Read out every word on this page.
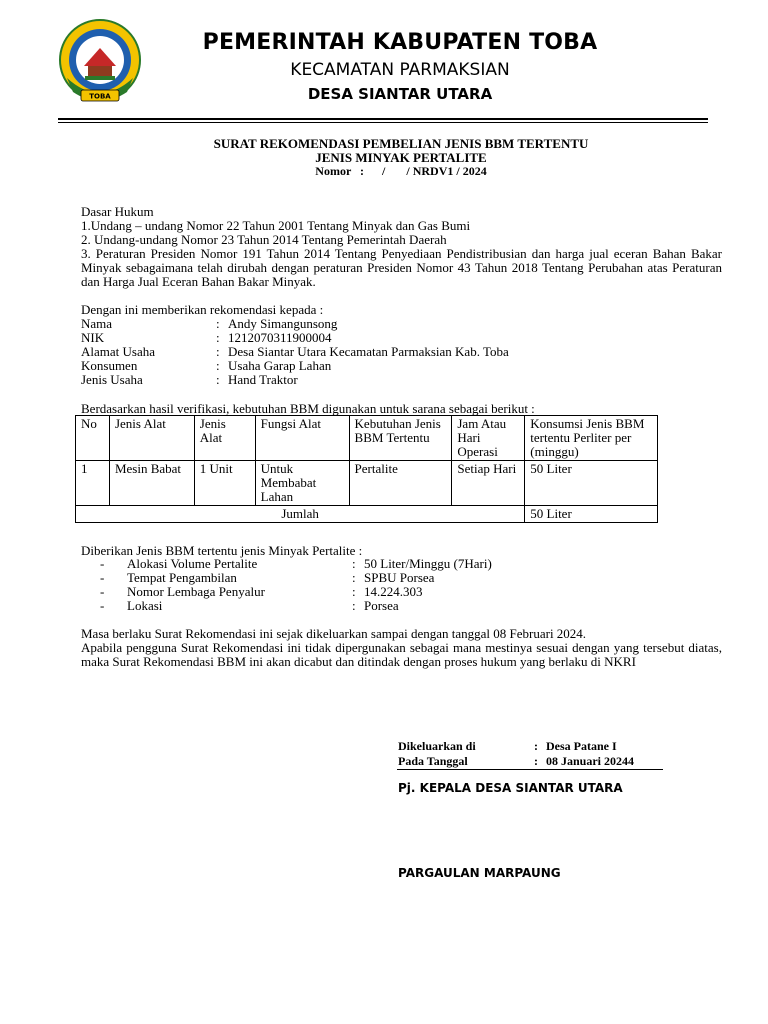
TOBA
PEMERINTAH KABUPATEN TOBA
KECAMATAN PARMAKSIAN
DESA SIANTAR UTARA
SURAT REKOMENDASI PEMBELIAN JENIS BBM TERTENTU
JENIS MINYAK PERTALITE
Nomor   :      /       / NRDV1 / 2024
Dasar Hukum
1.Undang – undang Nomor 22 Tahun 2001 Tentang Minyak dan Gas Bumi
2. Undang-undang Nomor 23 Tahun 2014 Tentang Pemerintah Daerah
3. Peraturan Presiden Nomor 191 Tahun 2014 Tentang Penyediaan Pendistribusian dan harga jual eceran Bahan Bakar Minyak sebagaimana telah dirubah dengan peraturan Presiden Nomor 43 Tahun 2018 Tentang Perubahan atas Peraturan dan Harga Jual Eceran Bahan Bakar Minyak.
Dengan ini memberikan rekomendasi kepada :
Nama	: Andy Simangunsong
NIK	: 1212070311900004
Alamat Usaha	: Desa Siantar Utara Kecamatan Parmaksian Kab. Toba
Konsumen	: Usaha Garap Lahan
Jenis Usaha	: Hand Traktor
Berdasarkan hasil verifikasi, kebutuhan BBM digunakan untuk sarana sebagai berikut :
No	Jenis Alat	Jenis Alat	Fungsi Alat	Kebutuhan Jenis BBM Tertentu	Jam Atau Hari Operasi	Konsumsi Jenis BBM tertentu Perliter per (minggu)
1	Mesin Babat	1 Unit	Untuk Membabat Lahan	Pertalite	Setiap Hari	50 Liter
Jumlah						50 Liter
Diberikan Jenis BBM tertentu jenis Minyak Pertalite :
- Alokasi Volume Pertalite	: 50 Liter/Minggu (7Hari)
- Tempat Pengambilan	: SPBU Porsea
- Nomor Lembaga Penyalur	: 14.224.303
- Lokasi	: Porsea
Masa berlaku Surat Rekomendasi ini sejak dikeluarkan sampai dengan tanggal 08 Februari 2024.
Apabila pengguna Surat Rekomendasi ini tidak dipergunakan sebagai mana mestinya sesuai dengan yang tersebut diatas, maka Surat Rekomendasi BBM ini akan dicabut dan ditindak dengan proses hukum yang berlaku di NKRI
Dikeluarkan di	: Desa Patane I
Pada Tanggal	: 08 Januari 20244
Pj. KEPALA DESA SIANTAR UTARA
PARGAULAN MARPAUNG
